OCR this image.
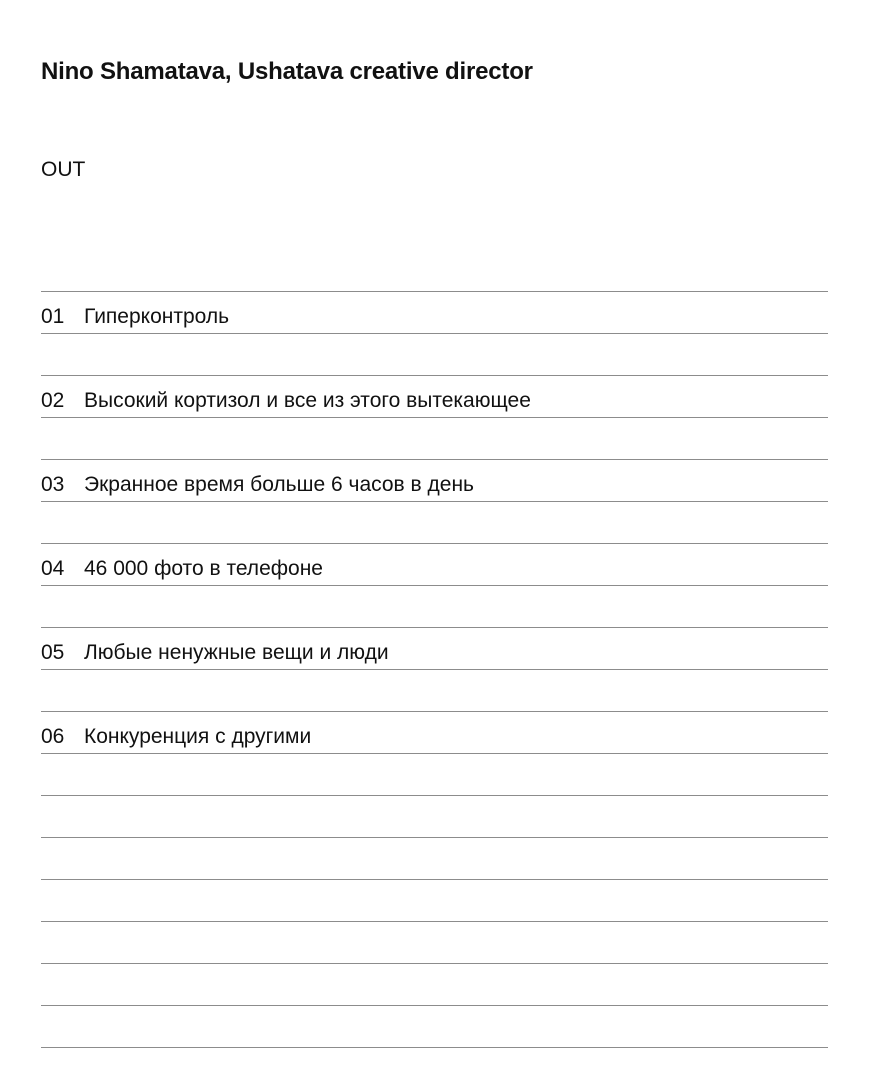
Nino Shamatava, Ushatava creative director
OUT
01 Гиперконтроль
02 Высокий кортизол и все из этого вытекающее
03 Экранное время больше 6 часов в день
04 46 000 фото в телефоне
05 Любые ненужные вещи и люди
06 Конкуренция с другими
